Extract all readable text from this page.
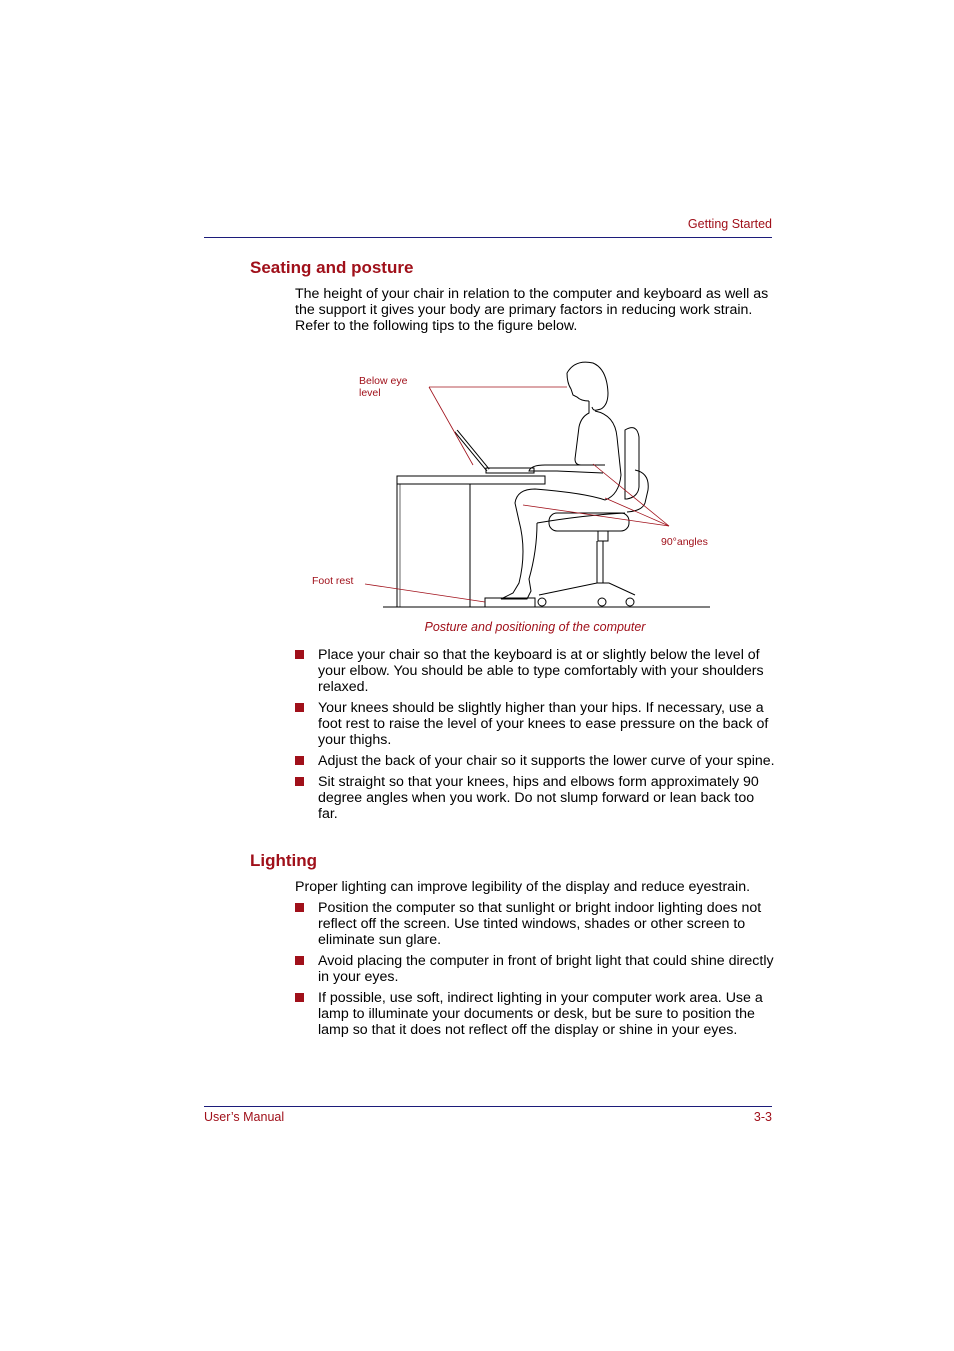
Getting Started
Seating and posture

The height of your chair in relation to the computer and keyboard as well as the support it gives your body are primary factors in reducing work strain. Refer to the following tips to the figure below.

Below eye
level
Foot rest
90°angles
Posture and positioning of the computer
Place your chair so that the keyboard is at or slightly below the level of your elbow. You should be able to type comfortably with your shoulders relaxed.
Your knees should be slightly higher than your hips. If necessary, use a foot rest to raise the level of your knees to ease pressure on the back of your thighs.
Adjust the back of your chair so it supports the lower curve of your spine.
Sit straight so that your knees, hips and elbows form approximately 90 degree angles when you work. Do not slump forward or lean back too far.
Lighting

Proper lighting can improve legibility of the display and reduce eyestrain.

Position the computer so that sunlight or bright indoor lighting does not reflect off the screen. Use tinted windows, shades or other screen to eliminate sun glare.
Avoid placing the computer in front of bright light that could shine directly in your eyes.
If possible, use soft, indirect lighting in your computer work area. Use a lamp to illuminate your documents or desk, but be sure to position the lamp so that it does not reflect off the display or shine in your eyes.
User’s Manual	3-3
